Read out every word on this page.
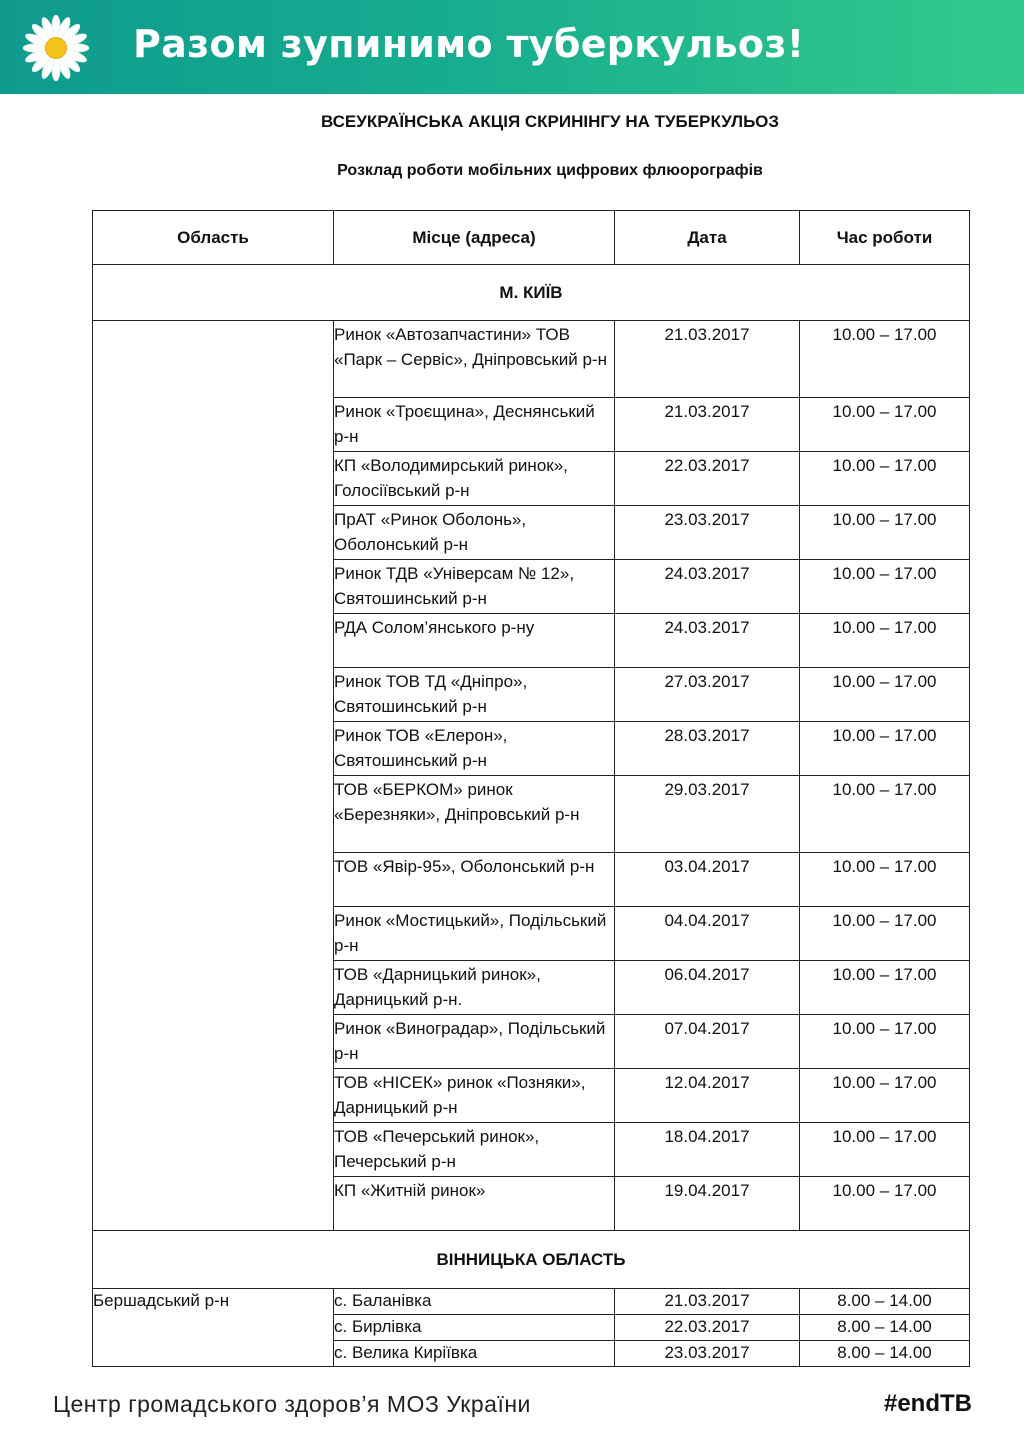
Разом зупинимо туберкульоз!
ВСЕУКРАЇНСЬКА АКЦІЯ СКРИНІНГУ НА ТУБЕРКУЛЬОЗ
Розклад роботи мобільних цифрових флюорографів
Область	Місце (адреса)	Дата	Час роботи
М. КИЇВ			
	Ринок «Автозапчастини» ТОВ «Парк – Сервіс», Дніпровський р-н	21.03.2017	10.00 – 17.00
	Ринок «Троєщина», Деснянський р-н	21.03.2017	10.00 – 17.00
	КП «Володимирський ринок», Голосіївський р-н	22.03.2017	10.00 – 17.00
	ПрАТ «Ринок Оболонь», Оболонський р-н	23.03.2017	10.00 – 17.00
	Ринок ТДВ «Універсам № 12», Святошинський р-н	24.03.2017	10.00 – 17.00
	РДА Солом’янського р-ну	24.03.2017	10.00 – 17.00
	Ринок ТОВ ТД «Дніпро», Святошинський р-н	27.03.2017	10.00 – 17.00
	Ринок ТОВ «Елерон», Святошинський р-н	28.03.2017	10.00 – 17.00
	ТОВ «БЕРКОМ» ринок «Березняки», Дніпровський р-н	29.03.2017	10.00 – 17.00
	ТОВ «Явір-95», Оболонський р-н	03.04.2017	10.00 – 17.00
	Ринок «Мостицький», Подільський р-н	04.04.2017	10.00 – 17.00
	ТОВ «Дарницький ринок», Дарницький р-н.	06.04.2017	10.00 – 17.00
	Ринок «Виноградар», Подільський р-н	07.04.2017	10.00 – 17.00
	ТОВ «НІСЕК» ринок «Позняки», Дарницький р-н	12.04.2017	10.00 – 17.00
	ТОВ «Печерський ринок», Печерський р-н	18.04.2017	10.00 – 17.00
	КП «Житній ринок»	19.04.2017	10.00 – 17.00
ВІННИЦЬКА ОБЛАСТЬ			
Бершадський р-н	с. Баланівка	21.03.2017	8.00 – 14.00
	с. Бирлівка	22.03.2017	8.00 – 14.00
	с. Велика Киріївка	23.03.2017	8.00 – 14.00
Центр громадського здоров’я МОЗ України	#endTB
